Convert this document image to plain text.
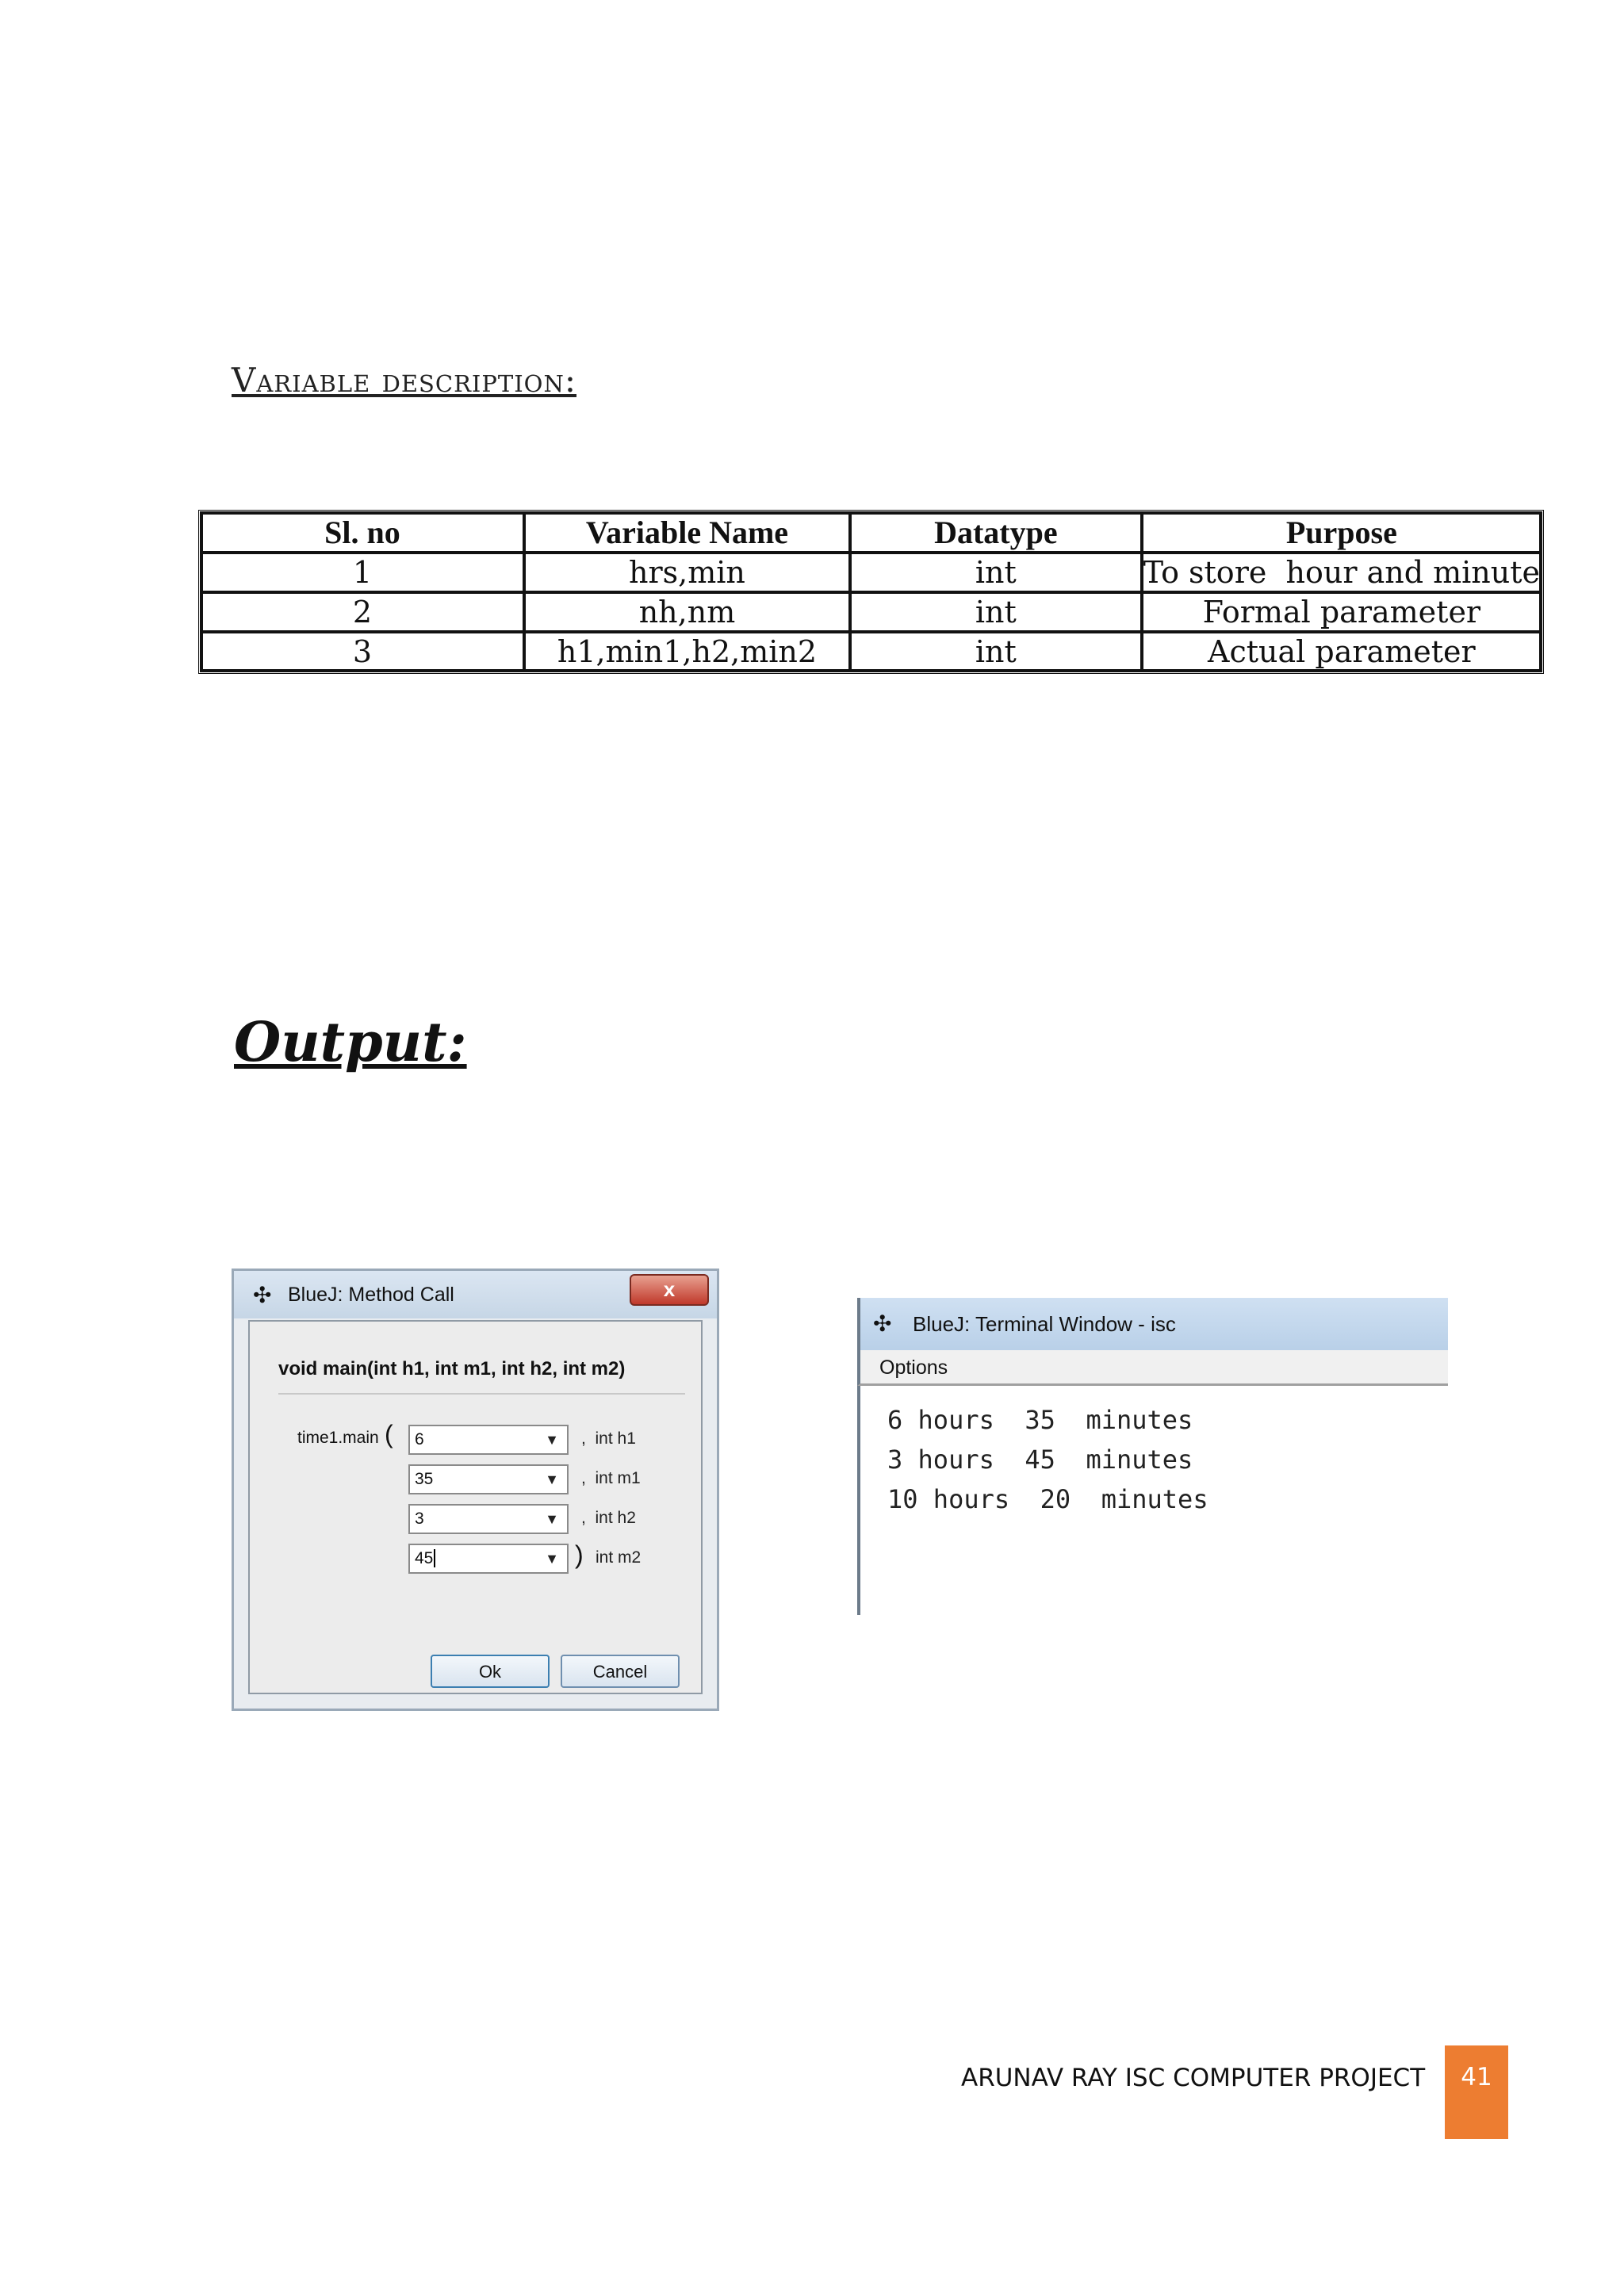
Variable description:
Sl. no	Variable Name	Datatype	Purpose
1	hrs,min	int	To store  hour and minute
2	nh,nm	int	Formal parameter
3	h1,min1,h2,min2	int	Actual parameter
Output:
✣ BlueJ: Method Call	x
void main(int h1, int m1, int h2, int m2)
time1.main (	6	▼ , int h1
35	▼ , int m1
3	▼ , int h2
45	▼ ) int m2
Ok	Cancel
✣ BlueJ: Terminal Window - isc
Options
6 hours  35  minutes
3 hours  45  minutes
10 hours  20  minutes
ARUNAV RAY ISC COMPUTER PROJECT	41
